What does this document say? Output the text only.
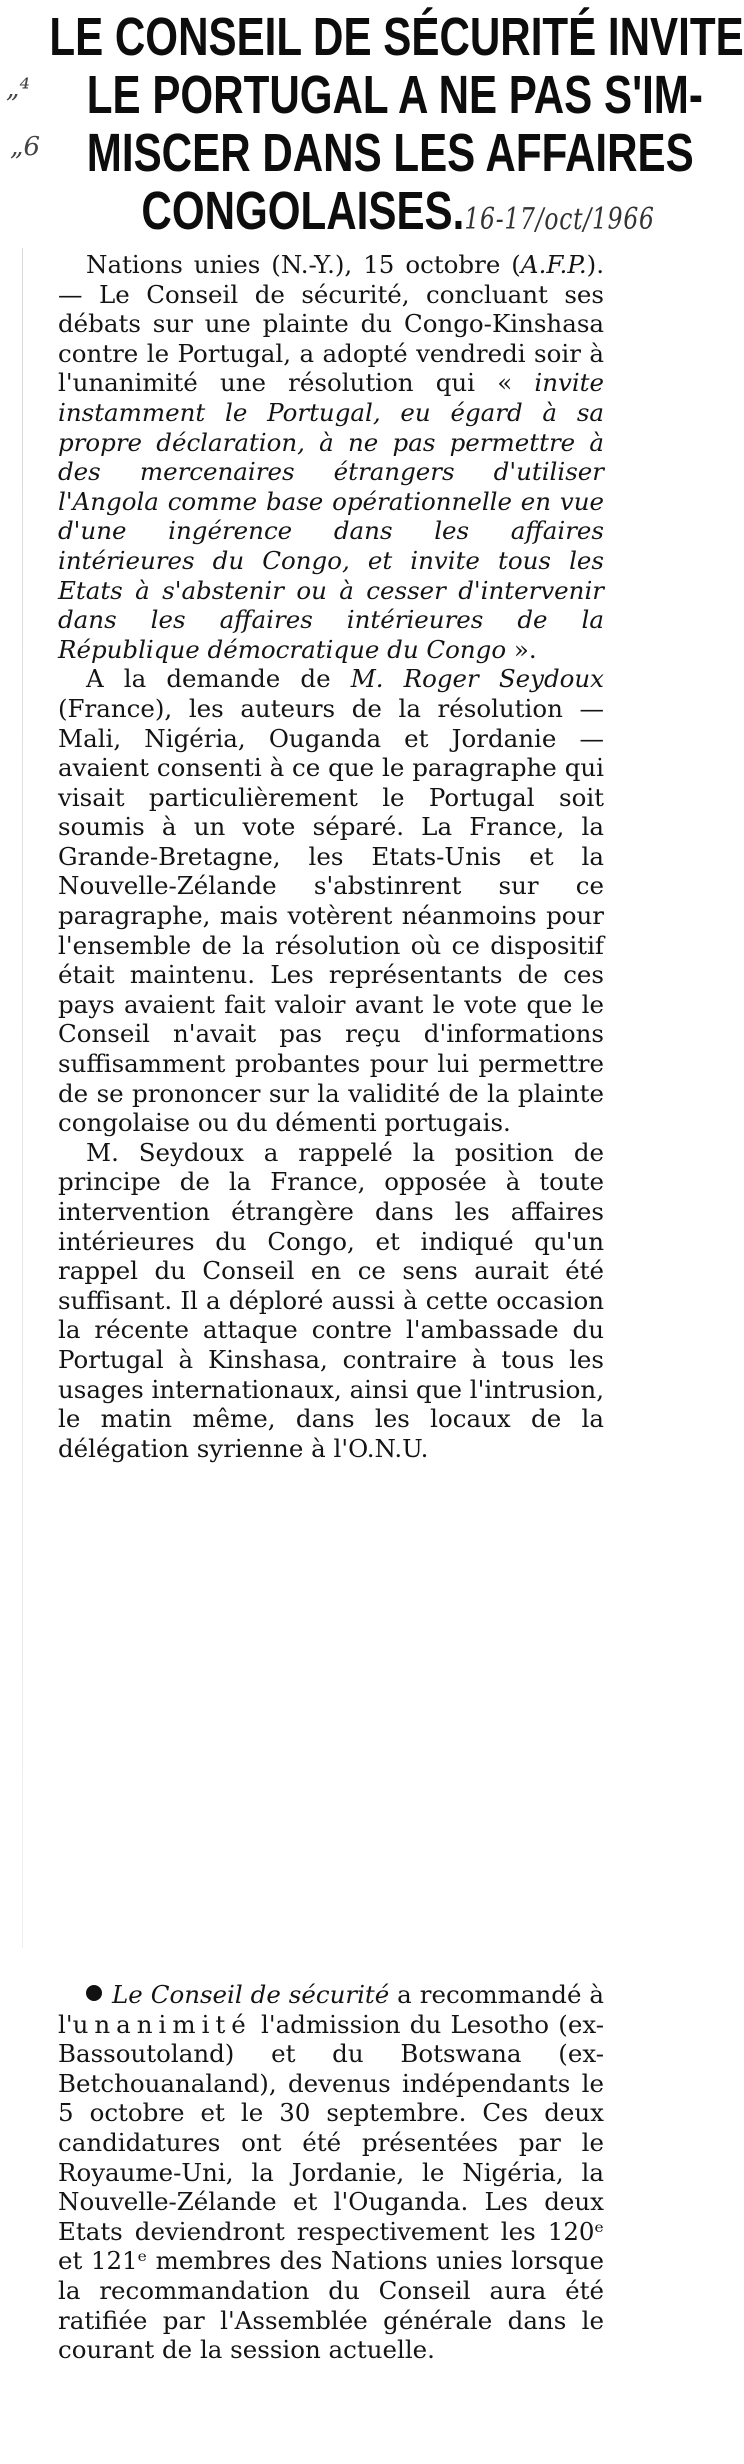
„⁴
„6
LE CONSEIL DE SÉCURITÉ INVITE
LE PORTUGAL A NE PAS S'IM-
MISCER DANS LES AFFAIRES
CONGOLAISES.16-17/oct/1966

Nations unies (N.-Y.), 15 octobre (A.F.P.). — Le Conseil de sécurité, concluant ses débats sur une plainte du Congo-Kinshasa contre le Portugal, a adopté vendredi soir à l'unanimité une résolution qui « invite instamment le Portugal, eu égard à sa propre déclaration, à ne pas permettre à des mercenaires étrangers d'utiliser l'Angola comme base opérationnelle en vue d'une ingérence dans les affaires intérieures du Congo, et invite tous les Etats à s'abstenir ou à cesser d'intervenir dans les affaires intérieures de la République démocratique du Congo ».

A la demande de M. Roger Seydoux (France), les auteurs de la résolution — Mali, Nigéria, Ouganda et Jordanie — avaient consenti à ce que le paragraphe qui visait particulièrement le Portugal soit soumis à un vote séparé. La France, la Grande-Bretagne, les Etats-Unis et la Nouvelle-Zélande s'abstinrent sur ce paragraphe, mais votèrent néanmoins pour l'ensemble de la résolution où ce dispositif était maintenu. Les représentants de ces pays avaient fait valoir avant le vote que le Conseil n'avait pas reçu d'informations suffisamment probantes pour lui permettre de se prononcer sur la validité de la plainte congolaise ou du démenti portugais.

M. Seydoux a rappelé la position de principe de la France, opposée à toute intervention étrangère dans les affaires intérieures du Congo, et indiqué qu'un rappel du Conseil en ce sens aurait été suffisant. Il a déploré aussi à cette occasion la récente attaque contre l'ambassade du Portugal à Kinshasa, contraire à tous les usages internationaux, ainsi que l'intrusion, le matin même, dans les locaux de la délégation syrienne à l'O.N.U.

Le Conseil de sécurité a recommandé à l'unanimité l'admission du Lesotho (ex-Bassoutoland) et du Botswana (ex-Betchouanaland), devenus indépendants le 5 octobre et le 30 septembre. Ces deux candidatures ont été présentées par le Royaume-Uni, la Jordanie, le Nigéria, la Nouvelle-Zélande et l'Ouganda. Les deux Etats deviendront respectivement les 120ᵉ et 121ᵉ membres des Nations unies lorsque la recommandation du Conseil aura été ratifiée par l'Assemblée générale dans le courant de la session actuelle.
